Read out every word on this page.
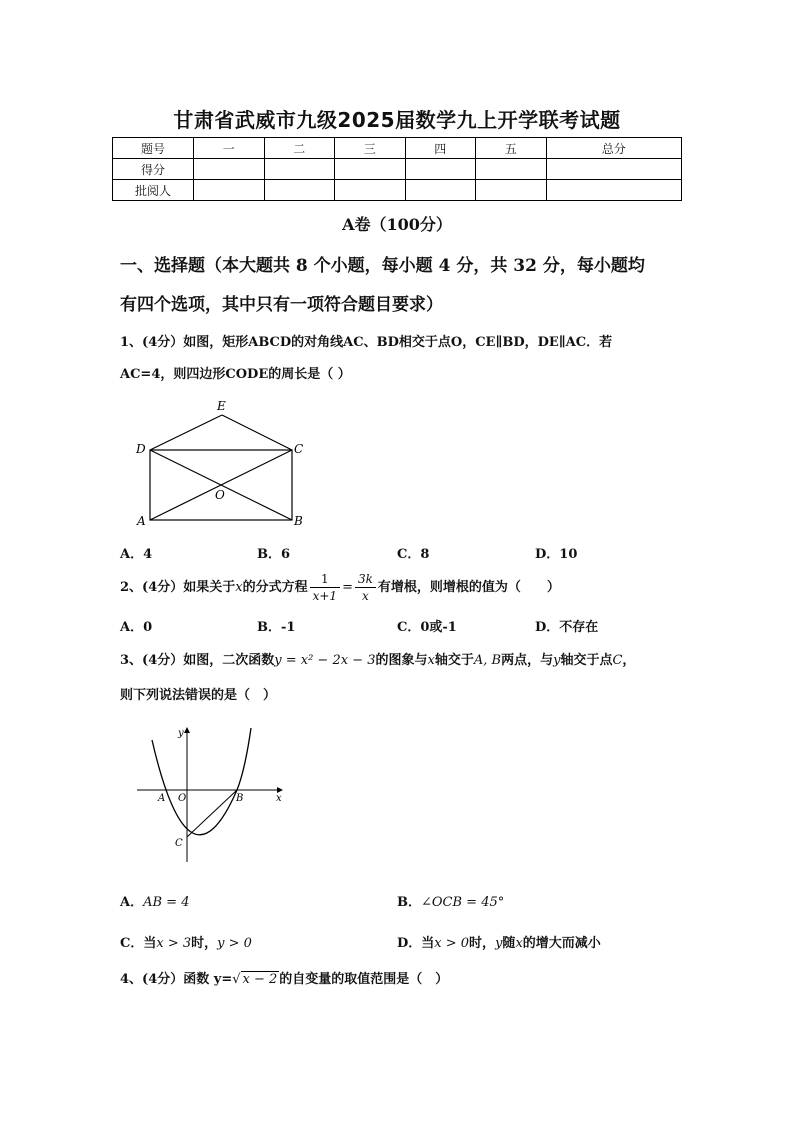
甘肃省武威市九级2025届数学九上开学联考试题
题号	一	二	三	四	五	总分
得分						
批阅人						
A卷（100分）
一、选择题（本大题共 8 个小题，每小题 4 分，共 32 分，每小题均
有四个选项，其中只有一项符合题目要求）
1、(4分）如图，矩形ABCD的对角线AC、BD相交于点O，CE∥BD，DE∥AC．若
AC=4，则四边形CODE的周长是（ ）
E
D	C
O
A	B
A．4	B．6	C．8	D．10
2、(4分）如果关于x的分式方程 $\frac{1}{x+1} = \frac{3k}{x}$ 有增根，则增根的值为（　　）
A．0	B．-1	C．0或-1	D．不存在
3、(4分）如图，二次函数y = x² − 2x − 3的图象与x轴交于A, B两点，与y轴交于点C，
则下列说法错误的是（　）
y
A O	B	x
C
A．AB = 4	B．∠OCB = 45°
C．当x > 3时，y > 0	D．当x > 0时，y随x的增大而减小
4、(4分）函数 y=√ x − 2 的自变量的取值范围是（　）
